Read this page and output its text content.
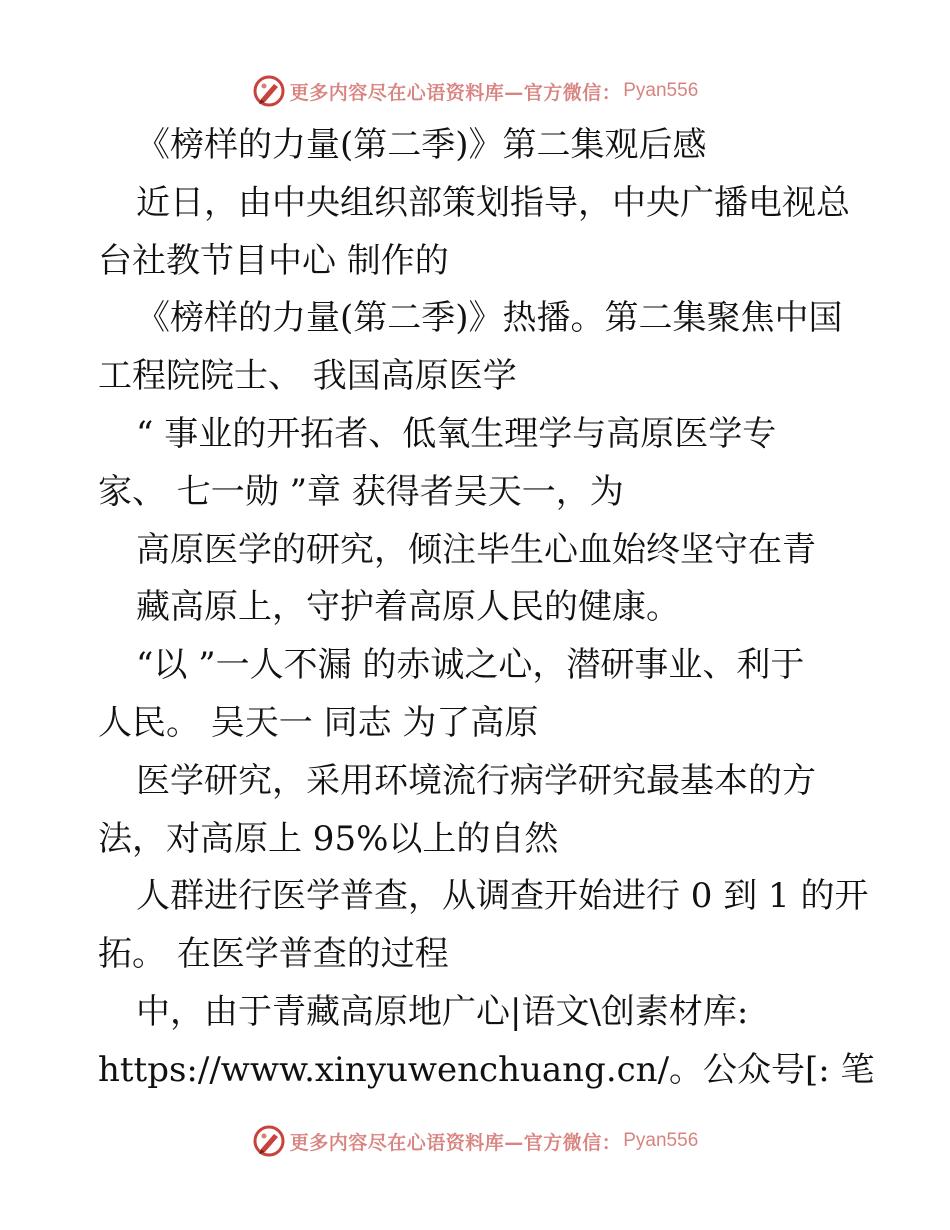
更多内容尽在心语资料库—官方微信： Pyan556
《榜样的力量(第二季)》第二集观后感
近日，由中央组织部策划指导，中央广播电视总
台社教节目中心 制作的
《榜样的力量(第二季)》热播。第二集聚焦中国
工程院院士、 我国高原医学
“ 事业的开拓者、低氧生理学与高原医学专
家、 七一勋 ”章 获得者吴天一，为
高原医学的研究，倾注毕生心血始终坚守在青
藏高原上，守护着高原人民的健康。
“以 ”一人不漏 的赤诚之心，潜研事业、利于
人民。 吴天一 同志 为了高原
医学研究，采用环境流行病学研究最基本的方
法，对高原上 95%以上的自然
人群进行医学普查，从调查开始进行 0 到 1 的开
拓。 在医学普查的过程
中，由于青藏高原地广心|语文\创素材库:
https://www.xinyuwenchuang.cn/。公众号[: 笔
更多内容尽在心语资料库—官方微信： Pyan556
